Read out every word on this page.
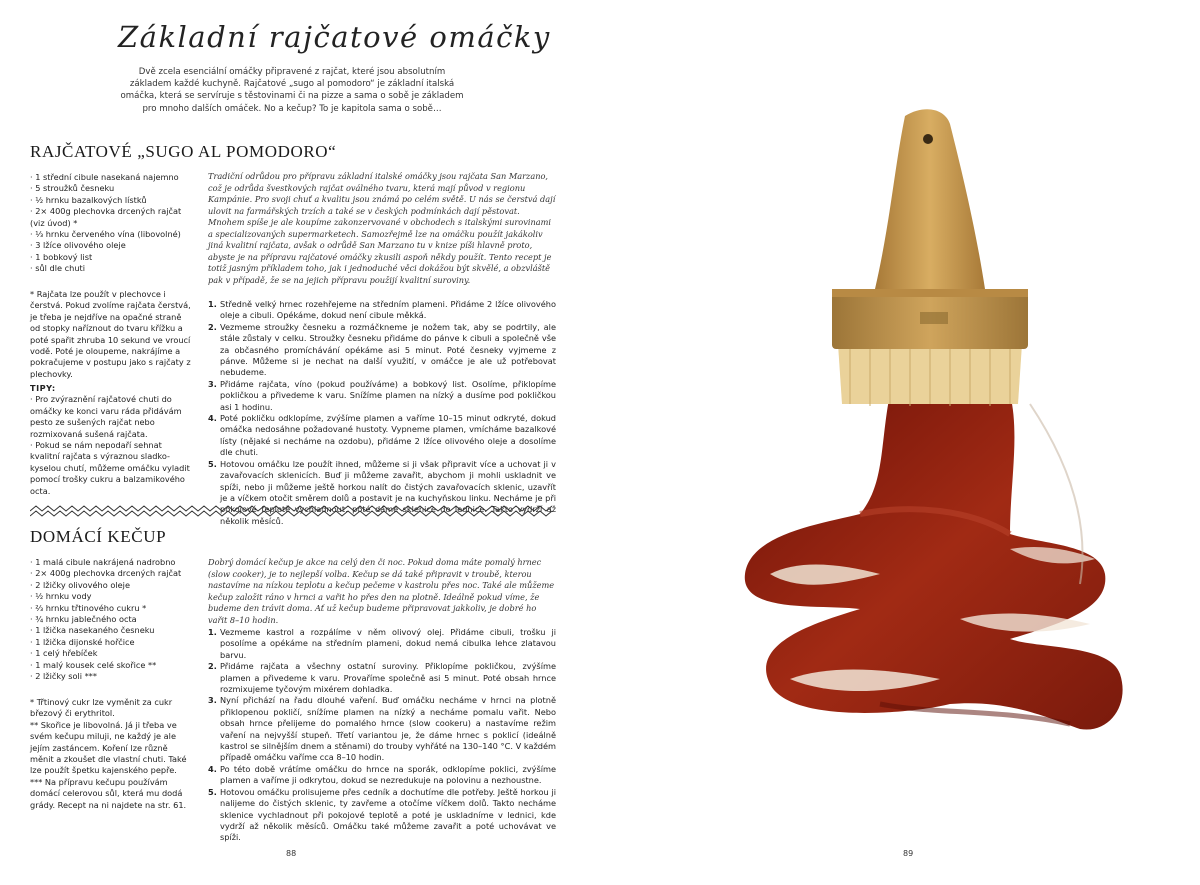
Základní rajčatové omáčky
Dvě zcela esenciální omáčky připravené z rajčat, které jsou absolutním základem každé kuchyně. Rajčatové „sugo al pomodoro“ je základní italská omáčka, která se servíruje s těstovinami či na pizze a sama o sobě je základem pro mnoho dalších omáček. No a kečup? To je kapitola sama o sobě…
RAJČATOVÉ „SUGO AL POMODORO“
· 1 střední cibule nasekaná najemno
· 5 stroužků česneku
· ½ hrnku bazalkových lístků
· 2× 400g plechovka drcených rajčat (viz úvod) *
· ⅓ hrnku červeného vína (libovolné)
· 3 lžíce olivového oleje
· 1 bobkový list
· sůl dle chuti

* Rajčata lze použít v plechovce i čerstvá. Pokud zvolíme rajčata čerstvá, je třeba je nejdříve na opačné straně od stopky naříznout do tvaru křížku a poté spařit zhruba 10 sekund ve vroucí vodě. Poté je oloupeme, nakrájíme a pokračujeme v postupu jako s rajčaty z plechovky.

TIPY:

· Pro zvýraznění rajčatové chuti do omáčky ke konci varu ráda přidávám pesto ze sušených rajčat nebo rozmixovaná sušená rajčata.

· Pokud se nám nepodaří sehnat kvalitní rajčata s výraznou sladko-kyselou chutí, můžeme omáčku vyladit pomocí trošky cukru a balzamikového octa.

Tradiční odrůdou pro přípravu základní italské omáčky jsou rajčata San Marzano, což je odrůda švestkových rajčat oválného tvaru, která mají původ v regionu Kampánie. Pro svoji chuť a kvalitu jsou známá po celém světě. U nás se čerstvá dají ulovit na farmářských trzích a také se v českých podmínkách dají pěstovat. Mnohem spíše je ale koupíme zakonzervované v obchodech s italskými surovinami a specializovaných supermarketech. Samozřejmě lze na omáčku použít jakákoliv jiná kvalitní rajčata, avšak o odrůdě San Marzano tu v knize píši hlavně proto, abyste je na přípravu rajčatové omáčky zkusili aspoň někdy použít. Tento recept je totiž jasným příkladem toho, jak i jednoduché věci dokážou být skvělé, a obzvláště pak v případě, že se na jejich přípravu použijí kvalitní suroviny.

1. Středně velký hrnec rozehřejeme na středním plameni. Přidáme 2 lžíce olivového oleje a cibuli. Opékáme, dokud není cibule měkká.
2. Vezmeme stroužky česneku a rozmáčkneme je nožem tak, aby se podrtily, ale stále zůstaly v celku. Stroužky česneku přidáme do pánve k cibuli a společně vše za občasného promíchávání opékáme asi 5 minut. Poté česneky vyjmeme z pánve. Můžeme si je nechat na další využití, v omáčce je ale už potřebovat nebudeme.
3. Přidáme rajčata, víno (pokud používáme) a bobkový list. Osolíme, přiklopíme pokličkou a přivedeme k varu. Snížíme plamen na nízký a dusíme pod pokličkou asi 1 hodinu.
4. Poté pokličku odklopíme, zvýšíme plamen a vaříme 10–15 minut odkryté, dokud omáčka nedosáhne požadované hustoty. Vypneme plamen, vmícháme bazalkové lísty (nějaké si necháme na ozdobu), přidáme 2 lžíce olivového oleje a dosolíme dle chuti.
5. Hotovou omáčku lze použít ihned, můžeme si ji však připravit více a uchovat ji v zavařovacích sklenicích. Buď ji můžeme zavařit, abychom ji mohli uskladnit ve spíži, nebo ji můžeme ještě horkou nalít do čistých zavařovacích sklenic, uzavřít je a víčkem otočit směrem dolů a postavit je na kuchyňskou linku. Necháme je při pokojové teplotě vychladnout, poté dáme sklenice do lednice. Takto vydrží až několik měsíců.
DOMÁCÍ KEČUP
· 1 malá cibule nakrájená nadrobno
· 2× 400g plechovka drcených rajčat
· 2 lžičky olivového oleje
· ½ hrnku vody
· ⅔ hrnku třtinového cukru *
· ¾ hrnku jablečného octa
· 1 lžička nasekaného česneku
· 1 lžička dijonské hořčice
· 1 celý hřebíček
· 1 malý kousek celé skořice **
· 2 lžičky soli ***

* Třtinový cukr lze vyměnit za cukr březový či erythritol.

** Skořice je libovolná. Já ji třeba ve svém kečupu miluji, ne každý je ale jejím zastáncem. Koření lze různě měnit a zkoušet dle vlastní chuti. Také lze použít špetku kajenského pepře.

*** Na přípravu kečupu používám domácí celerovou sůl, která mu dodá grády. Recept na ni najdete na str. 61.

Dobrý domácí kečup je akce na celý den či noc. Pokud doma máte pomalý hrnec (slow cooker), je to nejlepší volba. Kečup se dá také připravit v troubě, kterou nastavíme na nízkou teplotu a kečup pečeme v kastrolu přes noc. Také ale můžeme kečup založit ráno v hrnci a vařit ho přes den na plotně. Ideálně pokud víme, že budeme den trávit doma. Ať už kečup budeme připravovat jakkoliv, je dobré ho vařit 8–10 hodin.

1. Vezmeme kastrol a rozpálíme v něm olivový olej. Přidáme cibuli, trošku ji posolíme a opékáme na středním plameni, dokud nemá cibulka lehce zlatavou barvu.
2. Přidáme rajčata a všechny ostatní suroviny. Přiklopíme pokličkou, zvýšíme plamen a přivedeme k varu. Provaříme společně asi 5 minut. Poté obsah hrnce rozmixujeme tyčovým mixérem dohladka.
3. Nyní přichází na řadu dlouhé vaření. Buď omáčku necháme v hrnci na plotně přiklopenou pokličí, snížíme plamen na nízký a necháme pomalu vařit. Nebo obsah hrnce přelijeme do pomalého hrnce (slow cookeru) a nastavíme režim vaření na nejvyšší stupeň. Třetí variantou je, že dáme hrnec s poklicí (ideálně kastrol se silnějším dnem a stěnami) do trouby vyhřáté na 130–140 °C. V každém případě omáčku vaříme cca 8–10 hodin.
4. Po této době vrátíme omáčku do hrnce na sporák, odklopíme poklici, zvýšíme plamen a vaříme ji odkrytou, dokud se nezredukuje na polovinu a nezhoustne.
5. Hotovou omáčku prolisujeme přes cedník a dochutíme dle potřeby. Ještě horkou ji nalijeme do čistých sklenic, ty zavřeme a otočíme víčkem dolů. Takto necháme sklenice vychladnout při pokojové teplotě a poté je uskladníme v lednici, kde vydrží až několik měsíců. Omáčku také můžeme zavařit a poté uchovávat ve spíži.
88	89
